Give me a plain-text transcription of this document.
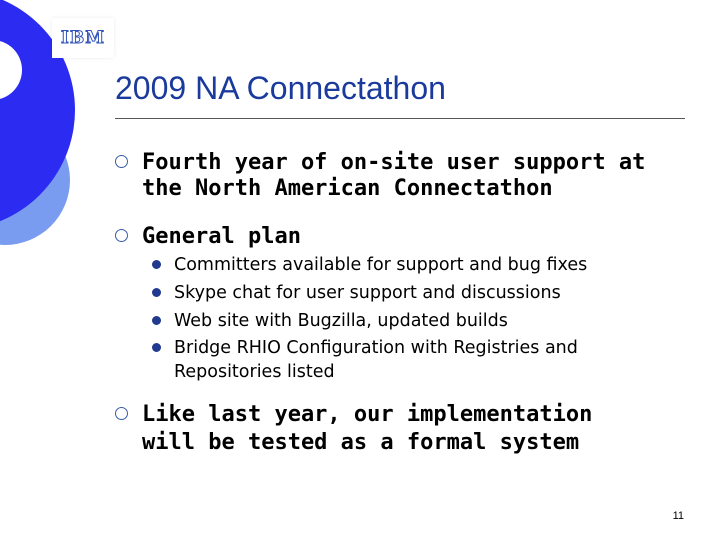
IBM
2009 NA Connectathon
Fourth year of on-site user support at
the North American Connectathon
General plan
Committers available for support and bug fixes
Skype chat for user support and discussions
Web site with Bugzilla, updated builds
Bridge RHIO Configuration with Registries and
Repositories listed
Like last year, our implementation
will be tested as a formal system
11
